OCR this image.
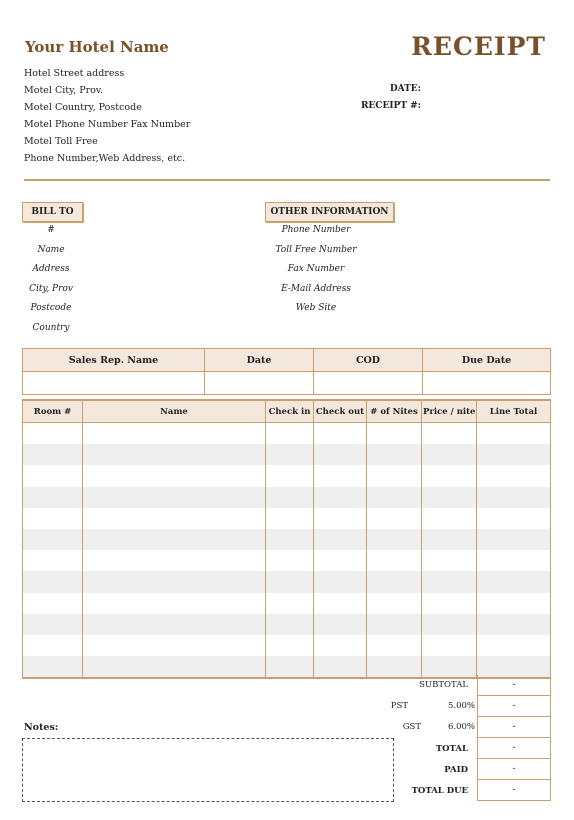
Your Hotel Name	RECEIPT
Hotel Street address
Motel City, Prov.
Motel Country, Postcode
Motel Phone Number Fax Number
Motel Toll Free
Phone Number,Web Address, etc.
DATE:
RECEIPT #:
BILL TO
#
Name
Address
City, Prov
Postcode
Country
OTHER INFORMATION
Phone Number
Toll Free Number
Fax Number
E-Mail Address
Web Site
Sales Rep. Name	Date	COD	Due Date

Room #	Name	Check in	Check out	# of Nites	Price / nite	Line Total

SUBTOTAL	-
PST	5.00%	-
GST	6.00%	-
TOTAL	-
PAID	-
TOTAL DUE	-
Notes:
